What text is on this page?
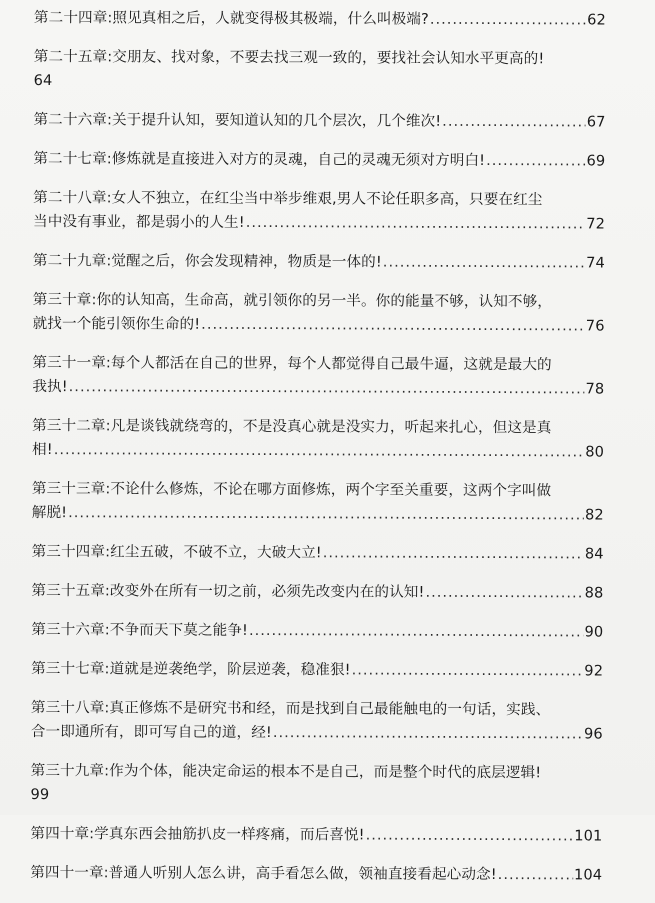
第二十四章:照见真相之后，人就变得极其极端，什么叫极端? .....	62
第二十五章:交朋友、找对象，不要去找三观一致的，要找社会认知水平更高的!
64
第二十六章:关于提升认知，要知道认知的几个层次，几个维次! .....	67
第二十七章:修炼就是直接进入对方的灵魂，自己的灵魂无须对方明白! .....	69
第二十八章:女人不独立，在红尘当中举步维艰,男人不论任职多高，只要在红尘
当中没有事业，都是弱小的人生! .....	72
第二十九章:觉醒之后，你会发现精神，物质是一体的! .....	74
第三十章:你的认知高，生命高，就引领你的另一半。你的能量不够，认知不够，
就找一个能引领你生命的! .....	76
第三十一章:每个人都活在自己的世界，每个人都觉得自己最牛逼，这就是最大的
我执! .....	78
第三十二章:凡是谈钱就绕弯的，不是没真心就是没实力，听起来扎心，但这是真
相! .....	80
第三十三章:不论什么修炼，不论在哪方面修炼，两个字至关重要，这两个字叫做
解脱! .....	82
第三十四章:红尘五破，不破不立，大破大立! .....	84
第三十五章:改变外在所有一切之前，必须先改变内在的认知! .....	88
第三十六章:不争而天下莫之能争! .....	90
第三十七章:道就是逆袭绝学，阶层逆袭，稳准狠! .....	92
第三十八章:真正修炼不是研究书和经，而是找到自己最能触电的一句话，实践、
合一即通所有，即可写自己的道，经! .....	96
第三十九章:作为个体，能决定命运的根本不是自己，而是整个时代的底层逻辑!
99
第四十章:学真东西会抽筋扒皮一样疼痛，而后喜悦! .....	101
第四十一章:普通人听别人怎么讲，高手看怎么做，领袖直接看起心动念! .....	104
